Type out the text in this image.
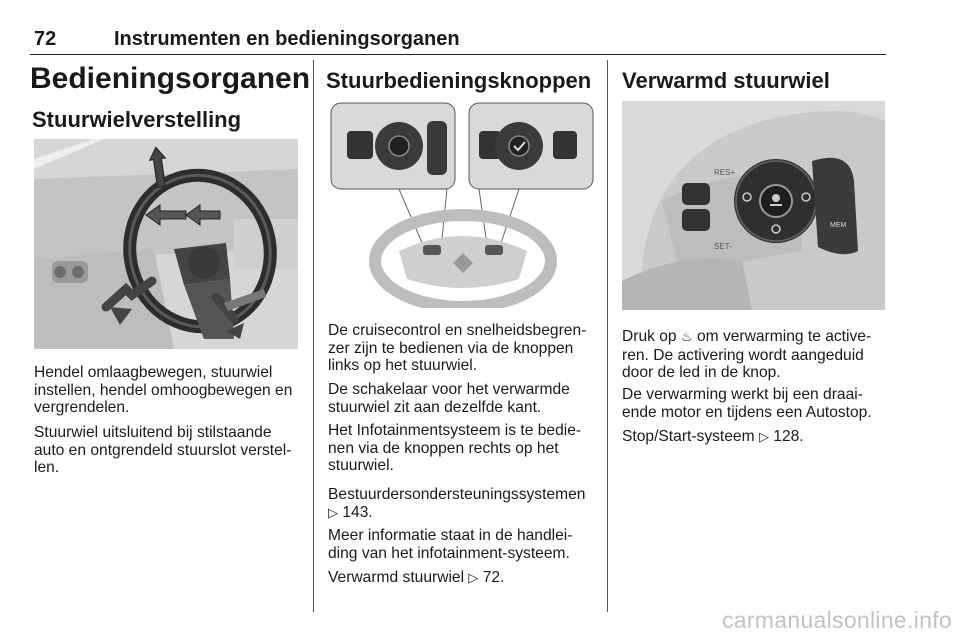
72	Instrumenten en bedieningsorganen
Bedieningsorganen
Stuurwielverstelling

Hendel omlaagbewegen, stuurwiel instellen, hendel omhoogbewegen en vergrendelen.

Stuurwiel uitsluitend bij stilstaande auto en ontgrendeld stuurslot verstellen.

Stuurbedieningsknoppen

De cruisecontrol en snelheidsbegrenzer zijn te bedienen via de knoppen links op het stuurwiel.

De schakelaar voor het verwarmde stuurwiel zit aan dezelfde kant.

Het Infotainmentsysteem is te bedienen via de knoppen rechts op het stuurwiel.

Bestuurdersondersteuningssystemen ▷ 143.

Meer informatie staat in de handleiding van het infotainment-systeem.

Verwarmd stuurwiel ▷ 72.

Verwarmd stuurwiel
RES+
SET-
MEM

Druk op ♨ om verwarming te activeren. De activering wordt aangeduid door de led in de knop.

De verwarming werkt bij een draaiende motor en tijdens een Autostop.

Stop/Start-systeem ▷ 128.

carmanualsonline.info
